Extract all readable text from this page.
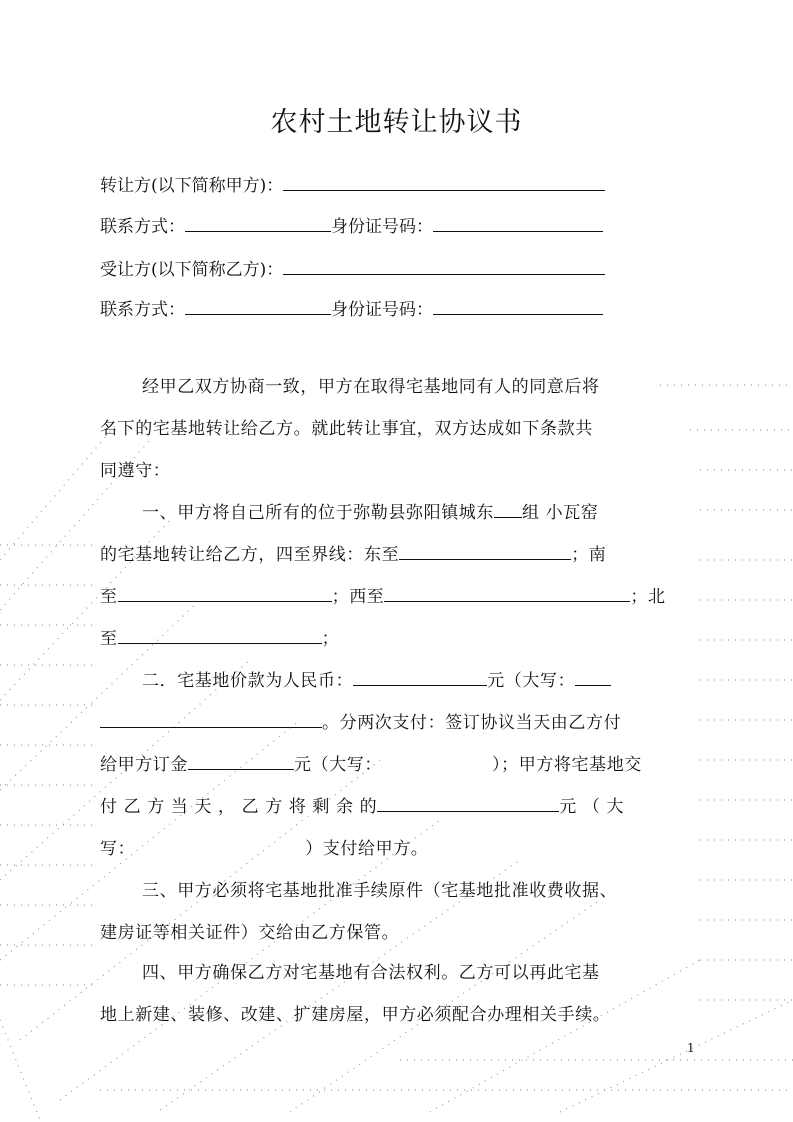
农村土地转让协议书
转让方(以下简称甲方)：
联系方式：	身份证号码：
受让方(以下简称乙方)：
联系方式：	身份证号码：
经甲乙双方协商一致，甲方在取得宅基地同有人的同意后将
名下的宅基地转让给乙方。就此转让事宜，双方达成如下条款共
同遵守：
一、甲方将自己所有的位于弥勒县弥阳镇城东 组 小瓦窑
的宅基地转让给乙方，四至界线：东至	；南
至	；西至	；北
至	；
二．宅基地价款为人民币：	元（大写：
。分两次支付：签订协议当天由乙方付
给甲方订金	元（大写：	）；甲方将宅基地交
付 乙 方 当 天 ， 乙 方 将 剩 余 的	元 （ 大
写：	）支付给甲方。
三、甲方必须将宅基地批准手续原件（宅基地批准收费收据、
建房证等相关证件）交给由乙方保管。
四、甲方确保乙方对宅基地有合法权利。乙方可以再此宅基
地上新建、装修、改建、扩建房屋，甲方必须配合办理相关手续。
1
